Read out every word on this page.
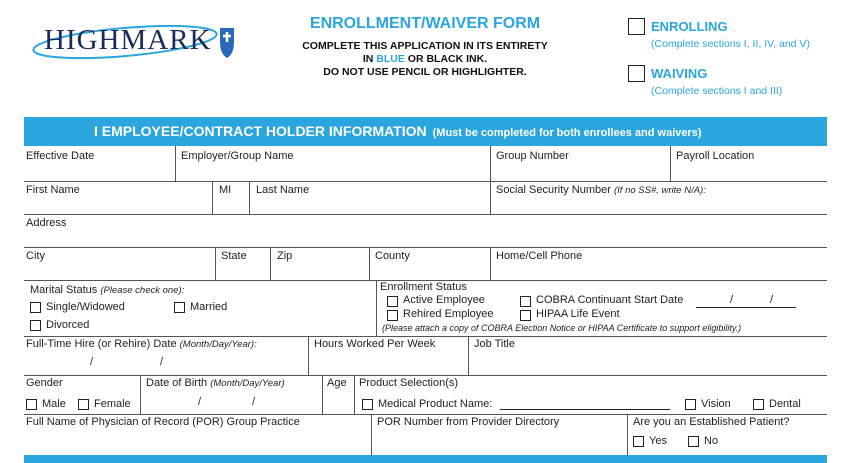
HIGHMARK
ENROLLMENT/WAIVER FORM
COMPLETE THIS APPLICATION IN ITS ENTIRETY
IN BLUE OR BLACK INK.
DO NOT USE PENCIL OR HIGHLIGHTER.
ENROLLING
(Complete sections I, II, IV, and V)
WAIVING
(Complete sections I and III)
I EMPLOYEE/CONTRACT HOLDER INFORMATION (Must be completed for both enrollees and waivers)
Effective Date	Employer/Group Name	Group Number	Payroll Location
First Name	MI Last Name	Social Security Number (If no SS#, write N/A):
Address
City	State	Zip	County	Home/Cell Phone
Marital Status (Please check one):
Single/Widowed	Married
Divorced
Enrollment Status
Active Employee
Rehired Employee
COBRA Continuant Start Date	/	/
HIPAA Life Event
(Please attach a copy of COBRA Election Notice or HIPAA Certificate to support eligibility.)
Full-Time Hire (or Rehire) Date (Month/Day/Year):
/	/
Hours Worked Per Week	Job Title
Gender
Male	Female
Date of Birth (Month/Day/Year)
/	/
Age Product Selection(s)
Medical Product Name:	Vision	Dental
Full Name of Physician of Record (POR) Group Practice	POR Number from Provider Directory	Are you an Established Patient?
Yes	No
